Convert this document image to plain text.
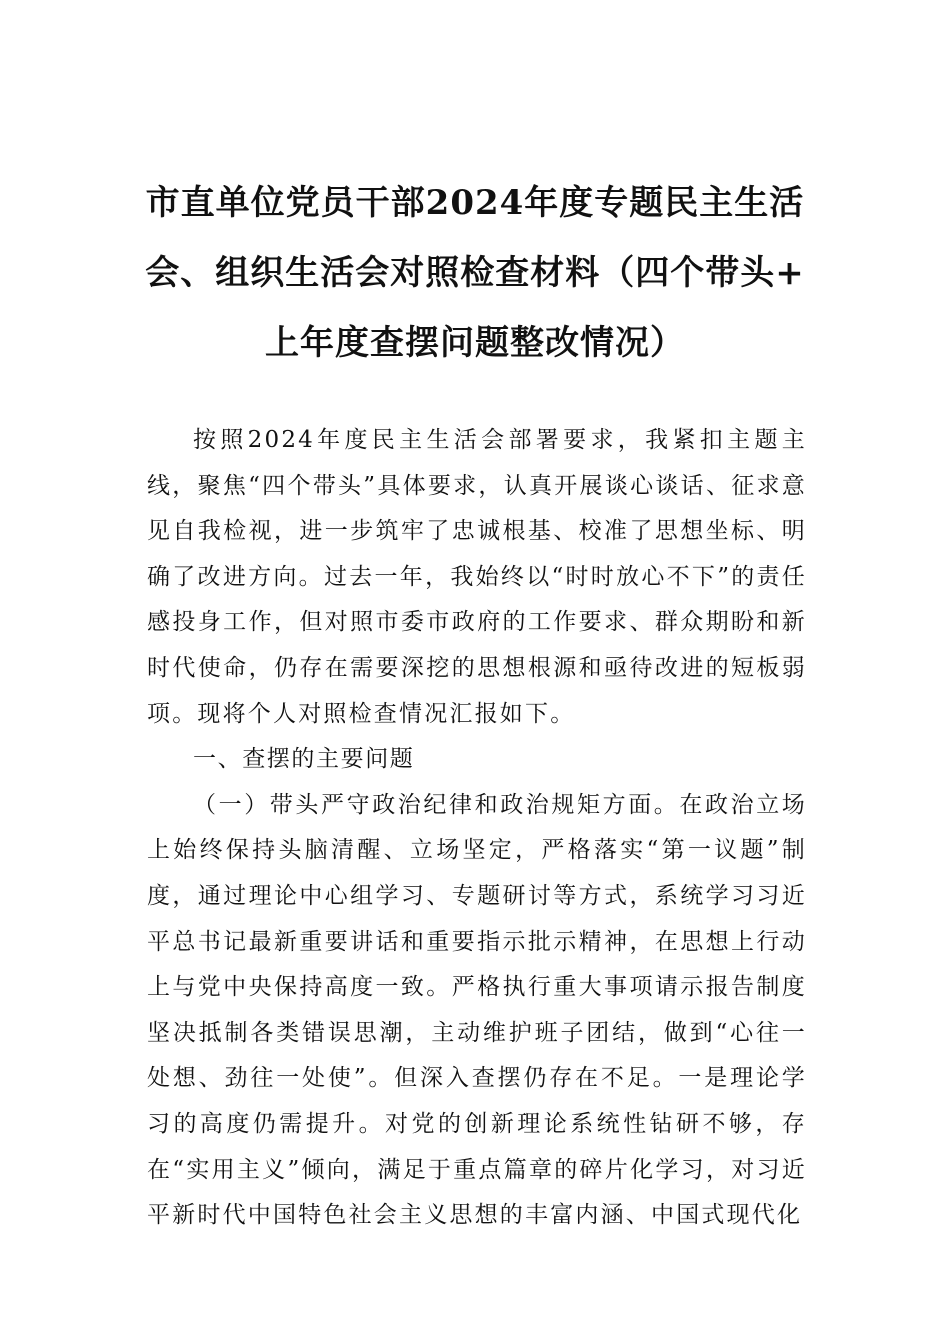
市直单位党员干部2024年度专题民主生活
会、组织生活会对照检查材料（四个带头+
上年度查摆问题整改情况）

按照2024年度民主生活会部署要求，我紧扣主题主线，聚焦“四个带头”具体要求，认真开展谈心谈话、征求意见自我检视，进一步筑牢了忠诚根基、校准了思想坐标、明确了改进方向。过去一年，我始终以“时时放心不下”的责任感投身工作，但对照市委市政府的工作要求、群众期盼和新时代使命，仍存在需要深挖的思想根源和亟待改进的短板弱项。现将个人对照检查情况汇报如下。

一、查摆的主要问题

（一）带头严守政治纪律和政治规矩方面。在政治立场上始终保持头脑清醒、立场坚定，严格落实“第一议题”制度，通过理论中心组学习、专题研讨等方式，系统学习习近平总书记最新重要讲话和重要指示批示精神，在思想上行动上与党中央保持高度一致。严格执行重大事项请示报告制度坚决抵制各类错误思潮，主动维护班子团结，做到“心往一处想、劲往一处使”。但深入查摆仍存在不足。一是理论学习的高度仍需提升。对党的创新理论系统性钻研不够，存在“实用主义”倾向，满足于重点篇章的碎片化学习，对习近平新时代中国特色社会主义思想的丰富内涵、中国式现代化
